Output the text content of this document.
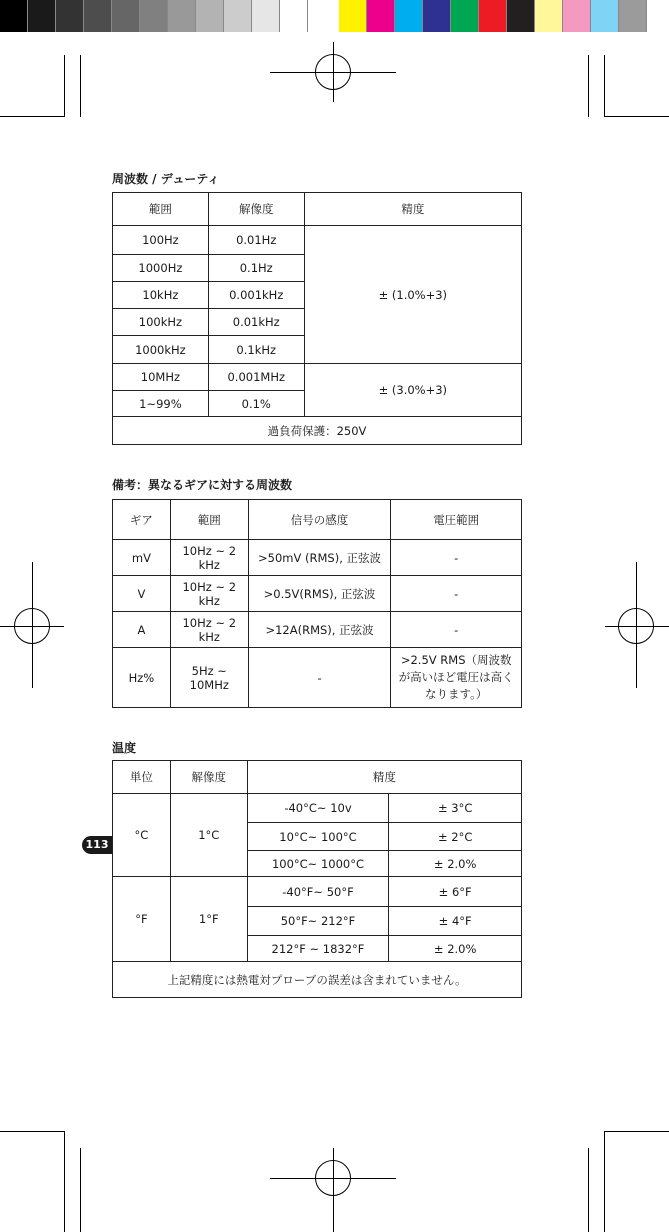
周波数 / デューティ
範囲	解像度	精度
100Hz	0.01Hz	± (1.0%+3)
1000Hz	0.1Hz	
10kHz	0.001kHz	
100kHz	0.01kHz	
1000kHz	0.1kHz	
10MHz	0.001MHz	± (3.0%+3)
1~99%	0.1%	
過負荷保護：250V		
備考：異なるギアに対する周波数
ギア	範囲	信号の感度	電圧範囲
mV	10Hz ~ 2 kHz	>50mV (RMS), 正弦波	-
V	10Hz ~ 2 kHz	>0.5V(RMS), 正弦波	-
A	10Hz ~ 2 kHz	>12A(RMS), 正弦波	-
Hz%	5Hz ~ 10MHz	-	>2.5V RMS（周波数が高いほど電圧は高くなります。）
温度
単位	解像度	精度	
°C	1°C	-40°C~ 10v	± 3°C
		10°C~ 100°C	± 2°C
		100°C~ 1000°C	± 2.0%
°F	1°F	-40°F~ 50°F	± 6°F
		50°F~ 212°F	± 4°F
		212°F ~ 1832°F	± 2.0%
上記精度には熱電対プローブの誤差は含まれていません。			
113
